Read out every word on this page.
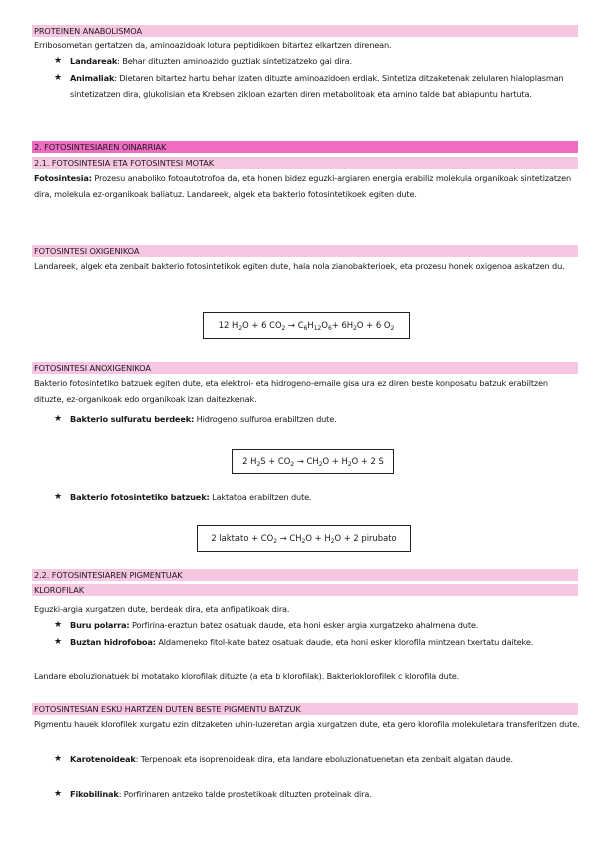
PROTEINEN ANABOLISMOA
Erribosometan gertatzen da, aminoazidoak lotura peptidikoen bitartez elkartzen direnean.
★ Landareak: Behar dituzten aminoazido guztiak sintetizatzeko gai dira.
★ Animaliak: Dietaren bitartez hartu behar izaten dituzte aminoazidoen erdiak. Sintetiza ditzaketenak zelularen hialoplasman sintetizatzen dira, glukolisian eta Krebsen zikloan ezarten diren metabolitoak eta amino talde bat abiapuntu hartuta.
2. FOTOSINTESIAREN OINARRIAK
2.1. FOTOSINTESIA ETA FOTOSINTESI MOTAK
Fotosintesia: Prozesu anaboliko fotoautotrofoa da, eta honen bidez eguzki-argiaren energia erabiliz molekula organikoak sintetizatzen dira, molekula ez-organikoak baliatuz. Landareek, algek eta bakterio fotosintetikoek egiten dute.
FOTOSINTESI OXIGENIKOA
Landareek, algek eta zenbait bakterio fotosintetikok egiten dute, hala nola zianobakterioek, eta prozesu honek oxigenoa askatzen du.
12 $H_2O + 6$ $CO_2 \to C_6H_{12}O_6+ 6H_2O + 6$ $O_2$
FOTOSINTESI ANOXIGENIKOA
Bakterio fotosintetiko batzuek egiten dute, eta elektroi- eta hidrogeno-emaile gisa ura ez diren beste konposatu batzuk erabiltzen dituzte, ez-organikoak edo organikoak izan daitezkenak.
★ Bakterio sulfuratu berdeek: Hidrogeno sulfuroa erabiltzen dute.
2 $H_2S + CO_2 \to CH_2O + H_2O + 2$ S
★ Bakterio fotosintetiko batzuek: Laktatoa erabiltzen dute.
2 laktato + $CO_2 \to CH_2O + H_2O + 2$ pirubato
2.2. FOTOSINTESIAREN PIGMENTUAK
KLOROFILAK
Eguzki-argia xurgatzen dute, berdeak dira, eta anfipatikoak dira.
★ Buru polarra: Porfirina-eraztun batez osatuak daude, eta honi esker argia xurgatzeko ahalmena dute.
★ Buztan hidrofoboa: Aldameneko fitol-kate batez osatuak daude, eta honi esker klorofila mintzean txertatu daiteke.
Landare eboluzionatuek bi motatako klorofilak dituzte (a eta b klorofilak). Bakterioklorofilek c klorofila dute.
FOTOSINTESIAN ESKU HARTZEN DUTEN BESTE PIGMENTU BATZUK
Pigmentu hauek klorofilek xurgatu ezin ditzaketen uhin-luzeretan argia xurgatzen dute, eta gero klorofila molekuletara transferitzen dute.
★ Karotenoideak: Terpenoak eta isoprenoideak dira, eta landare eboluzionatuenetan eta zenbait algatan daude.
★ Fikobilinak: Porfirinaren antzeko talde prostetikoak dituzten proteinak dira.
